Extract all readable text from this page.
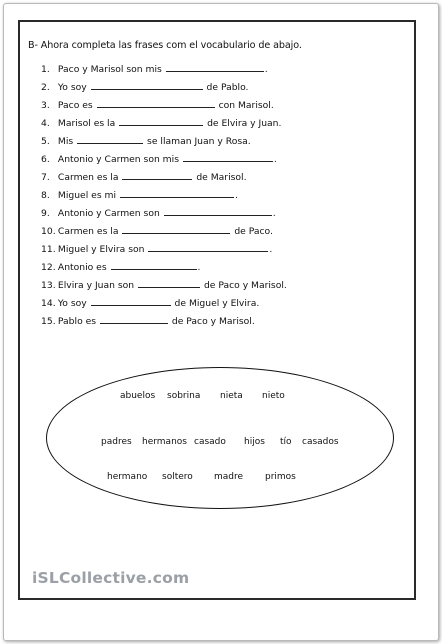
B- Ahora completa las frases com el vocabulario de abajo.
1. Paco y Marisol son mis	.
2. Yo soy	de Pablo.
3. Paco es	con Marisol.
4. Marisol es la	de Elvira y Juan.
5. Mis	se llaman Juan y Rosa.
6. Antonio y Carmen son mis	.
7. Carmen es la	de Marisol.
8. Miguel es mi	.
9. Antonio y Carmen son	.
10. Carmen es la	de Paco.
11. Miguel y Elvira son	.
12. Antonio es	.
13. Elvira y Juan son	de Paco y Marisol.
14. Yo soy	de Miguel y Elvira.
15. Pablo es	de Paco y Marisol.
abuelos sobrina nieta nieto
padres hermanos casado hijos tío casados
hermano soltero madre primos
iSLCollective.com
